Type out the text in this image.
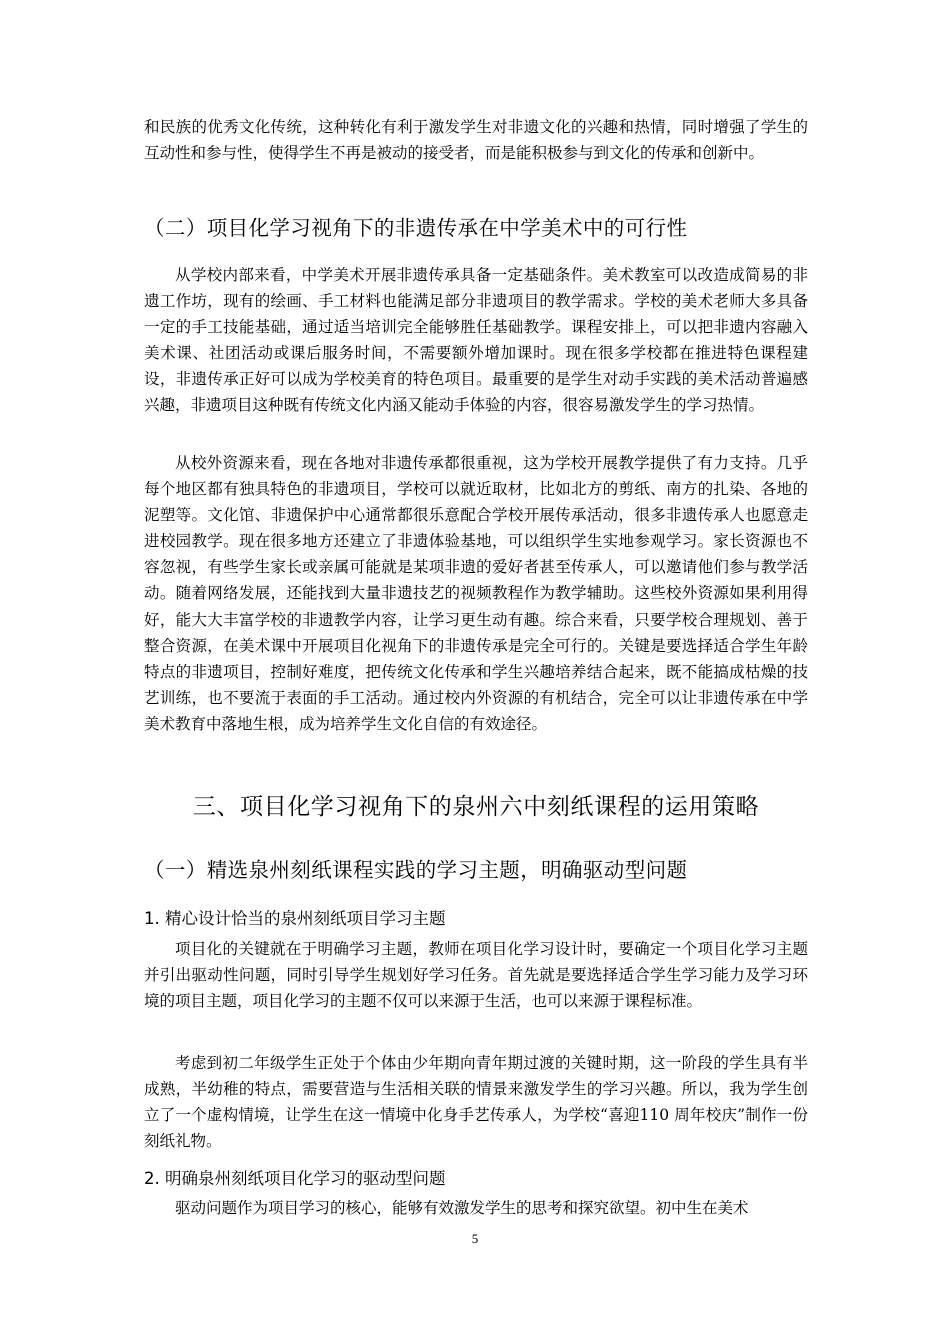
和民族的优秀文化传统，这种转化有利于激发学生对非遗文化的兴趣和热情，同时增强了学生的互动性和参与性，使得学生不再是被动的接受者，而是能积极参与到文化的传承和创新中。

（二）项目化学习视角下的非遗传承在中学美术中的可行性

从学校内部来看，中学美术开展非遗传承具备一定基础条件。美术教室可以改造成简易的非遗工作坊，现有的绘画、手工材料也能满足部分非遗项目的教学需求。学校的美术老师大多具备一定的手工技能基础，通过适当培训完全能够胜任基础教学。课程安排上，可以把非遗内容融入美术课、社团活动或课后服务时间，不需要额外增加课时。现在很多学校都在推进特色课程建设，非遗传承正好可以成为学校美育的特色项目。最重要的是学生对动手实践的美术活动普遍感兴趣，非遗项目这种既有传统文化内涵又能动手体验的内容，很容易激发学生的学习热情。

从校外资源来看，现在各地对非遗传承都很重视，这为学校开展教学提供了有力支持。几乎每个地区都有独具特色的非遗项目，学校可以就近取材，比如北方的剪纸、南方的扎染、各地的泥塑等。文化馆、非遗保护中心通常都很乐意配合学校开展传承活动，很多非遗传承人也愿意走进校园教学。现在很多地方还建立了非遗体验基地，可以组织学生实地参观学习。家长资源也不容忽视，有些学生家长或亲属可能就是某项非遗的爱好者甚至传承人，可以邀请他们参与教学活动。随着网络发展，还能找到大量非遗技艺的视频教程作为教学辅助。这些校外资源如果利用得好，能大大丰富学校的非遗教学内容，让学习更生动有趣。综合来看，只要学校合理规划、善于整合资源，在美术课中开展项目化视角下的非遗传承是完全可行的。关键是要选择适合学生年龄特点的非遗项目，控制好难度，把传统文化传承和学生兴趣培养结合起来，既不能搞成枯燥的技艺训练，也不要流于表面的手工活动。通过校内外资源的有机结合，完全可以让非遗传承在中学美术教育中落地生根，成为培养学生文化自信的有效途径。

三、项目化学习视角下的泉州六中刻纸课程的运用策略
（一）精选泉州刻纸课程实践的学习主题，明确驱动型问题
1. 精心设计恰当的泉州刻纸项目学习主题

项目化的关键就在于明确学习主题，教师在项目化学习设计时，要确定一个项目化学习主题并引出驱动性问题，同时引导学生规划好学习任务。首先就是要选择适合学生学习能力及学习环境的项目主题，项目化学习的主题不仅可以来源于生活，也可以来源于课程标准。

考虑到初二年级学生正处于个体由少年期向青年期过渡的关键时期，这一阶段的学生具有半成熟，半幼稚的特点，需要营造与生活相关联的情景来激发学生的学习兴趣。所以，我为学生创立了一个虚构情境，让学生在这一情境中化身手艺传承人，为学校“喜迎110 周年校庆”制作一份刻纸礼物。

2. 明确泉州刻纸项目化学习的驱动型问题

驱动问题作为项目学习的核心，能够有效激发学生的思考和探究欲望。初中生在美术

5
